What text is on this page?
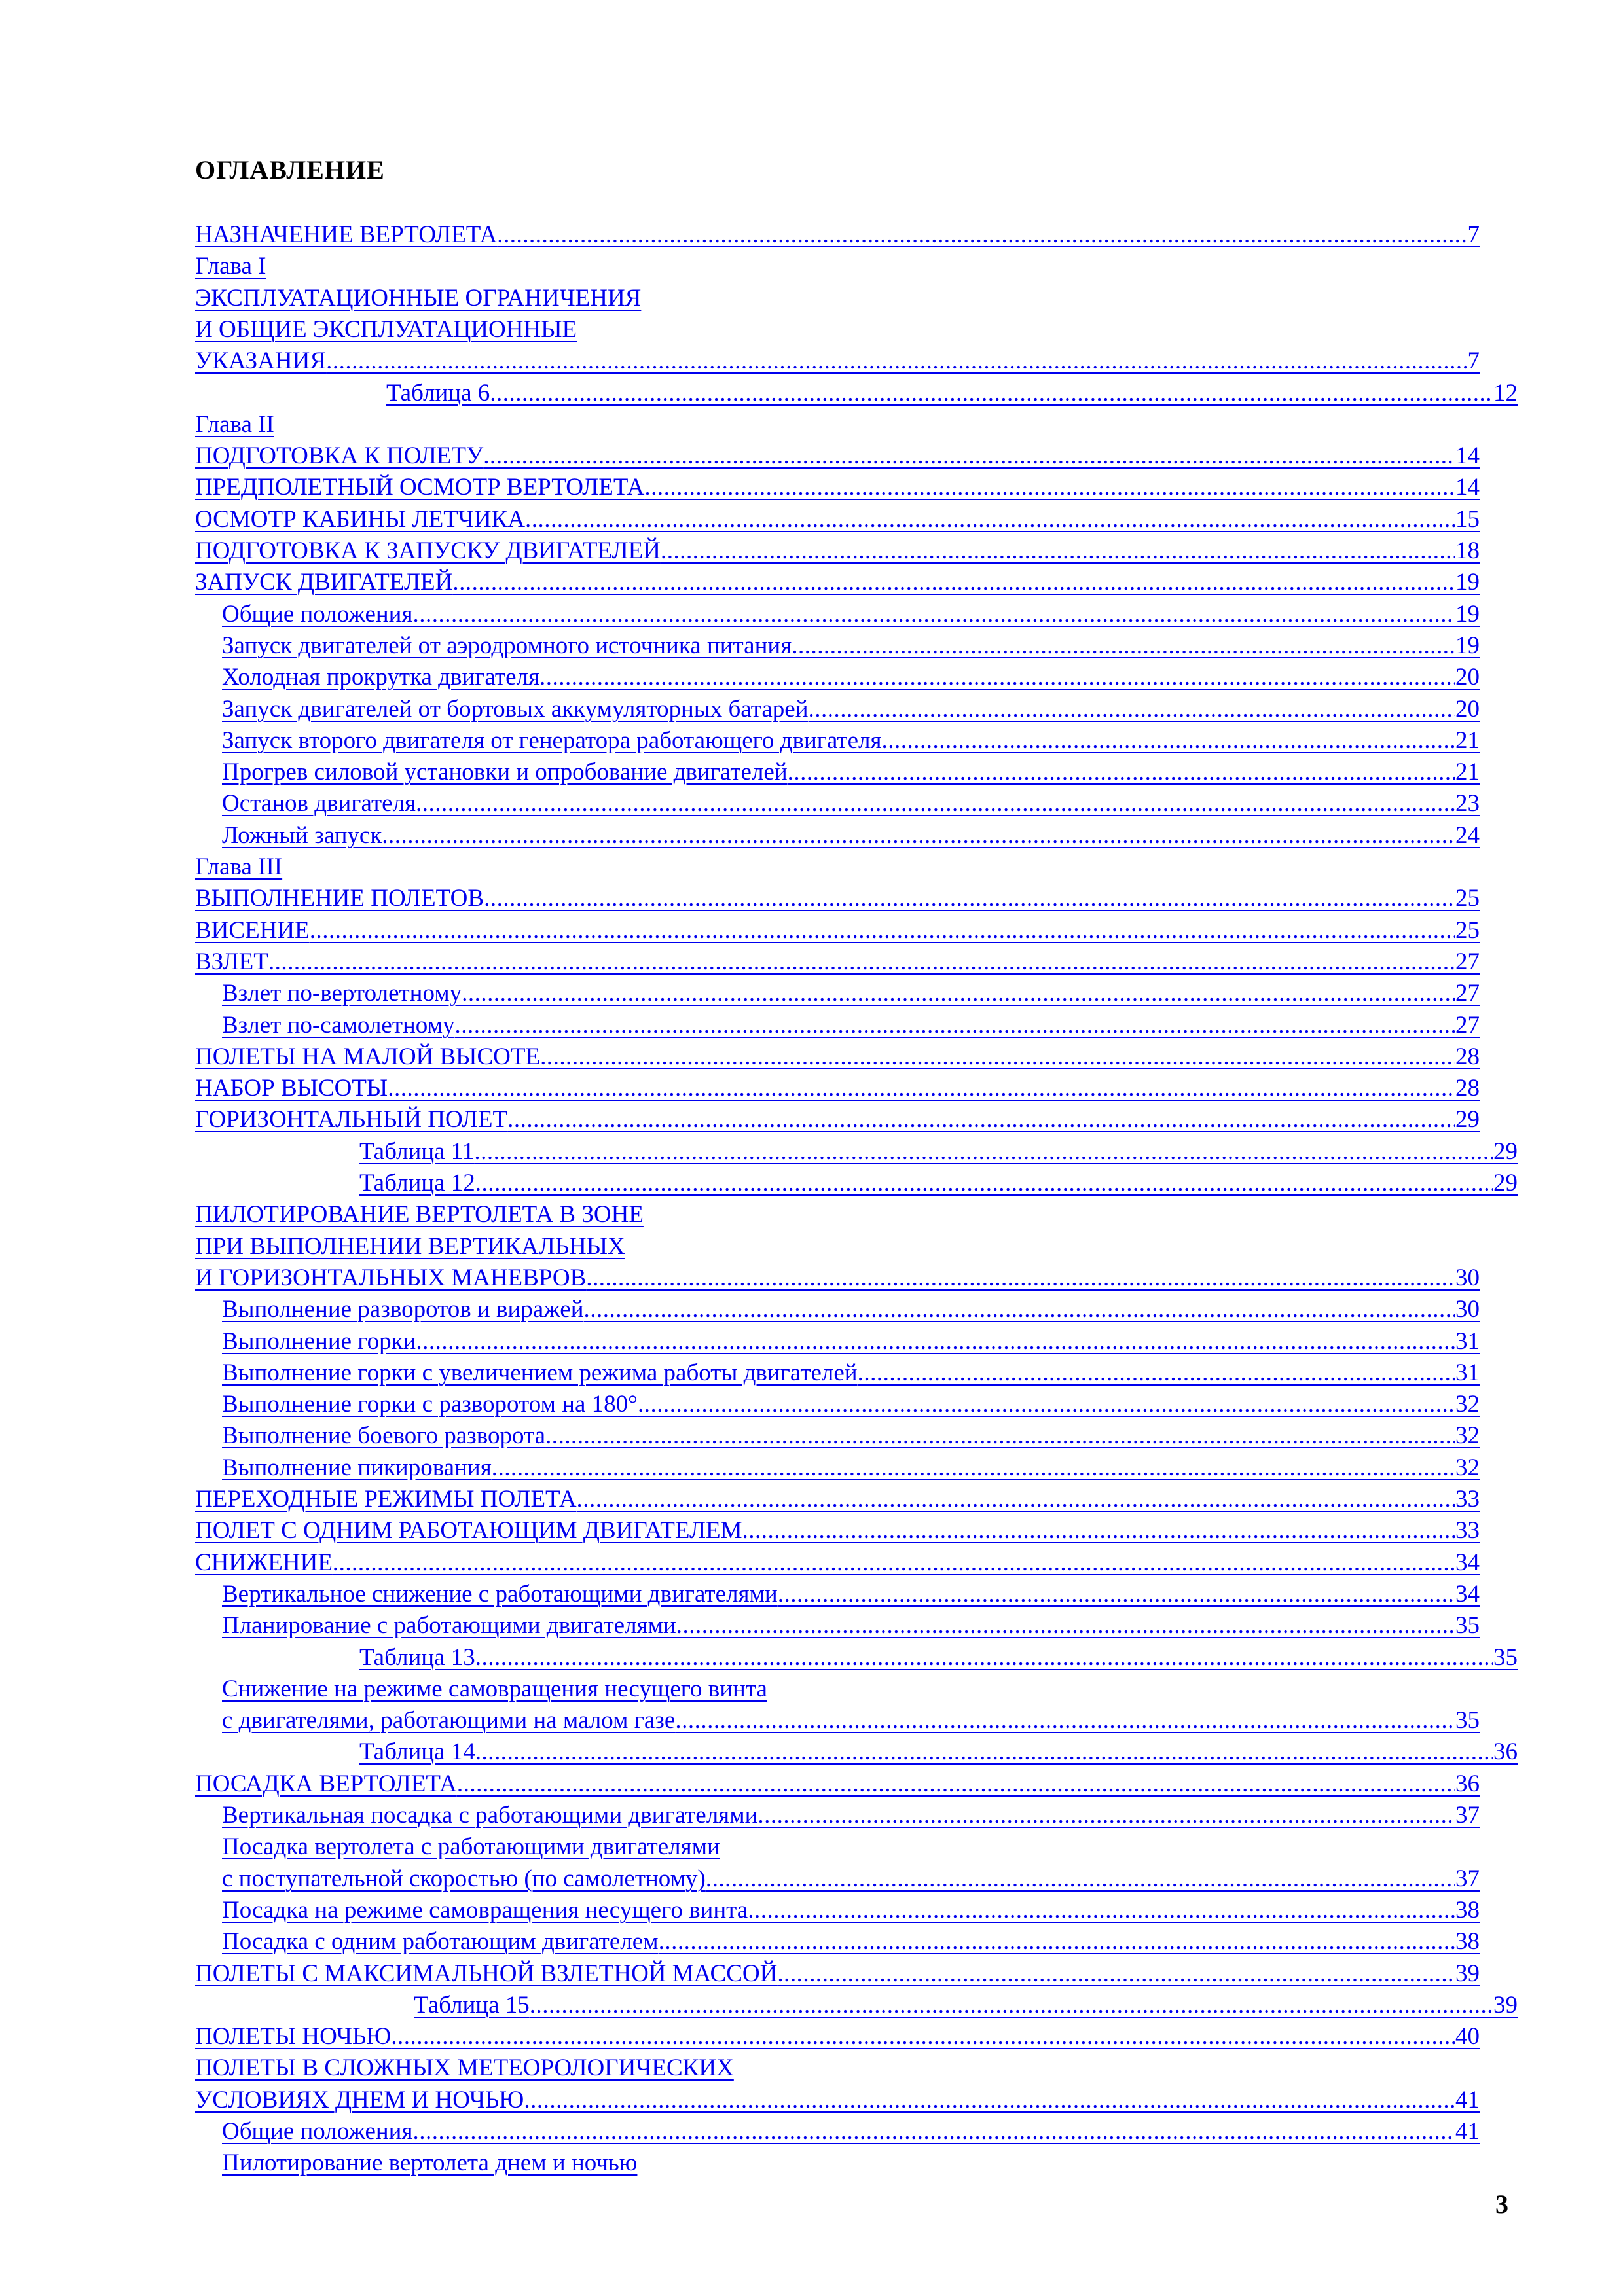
ОГЛАВЛЕНИЕ
НАЗНАЧЕНИЕ ВЕРТОЛЕТА .....	7
Глава I
ЭКСПЛУАТАЦИОННЫЕ ОГРАНИЧЕНИЯ
И ОБЩИЕ ЭКСПЛУАТАЦИОННЫЕ
УКАЗАНИЯ .....	7
Таблица 6 .....	12
Глава II
ПОДГОТОВКА К ПОЛЕТУ .....	14
ПРЕДПОЛЕТНЫЙ ОСМОТР ВЕРТОЛЕТА .....	14
ОСМОТР КАБИНЫ ЛЕТЧИКА .....	15
ПОДГОТОВКА К ЗАПУСКУ ДВИГАТЕЛЕЙ .....	18
ЗАПУСК ДВИГАТЕЛЕЙ .....	19
Общие положения .....	19
Запуск двигателей от аэродромного источника питания .....	19
Холодная прокрутка двигателя .....	20
Запуск двигателей от бортовых аккумуляторных батарей .....	20
Запуск второго двигателя от генератора работающего двигателя .....	21
Прогрев силовой установки и опробование двигателей .....	21
Останов двигателя .....	23
Ложный запуск .....	24
Глава III
ВЫПОЛНЕНИЕ ПОЛЕТОВ .....	25
ВИСЕНИЕ .....	25
ВЗЛЕТ .....	27
Взлет по-вертолетному .....	27
Взлет по-самолетному .....	27
ПОЛЕТЫ НА МАЛОЙ ВЫСОТЕ .....	28
НАБОР ВЫСОТЫ .....	28
ГОРИЗОНТАЛЬНЫЙ ПОЛЕТ .....	29
Таблица 11 .....	29
Таблица 12 .....	29
ПИЛОТИРОВАНИЕ ВЕРТОЛЕТА В ЗОНЕ
ПРИ ВЫПОЛНЕНИИ ВЕРТИКАЛЬНЫХ
И ГОРИЗОНТАЛЬНЫХ МАНЕВРОВ .....	30
Выполнение разворотов и виражей .....	30
Выполнение горки .....	31
Выполнение горки с увеличением режима работы двигателей .....	31
Выполнение горки с разворотом на 180° .....	32
Выполнение боевого разворота .....	32
Выполнение пикирования .....	32
ПЕРЕХОДНЫЕ РЕЖИМЫ ПОЛЕТА .....	33
ПОЛЕТ С ОДНИМ РАБОТАЮЩИМ ДВИГАТЕЛЕМ .....	33
СНИЖЕНИЕ .....	34
Вертикальное снижение с работающими двигателями .....	34
Планирование с работающими двигателями .....	35
Таблица 13 .....	35
Снижение на режиме самовращения несущего винта
с двигателями, работающими на малом газе .....	35
Таблица 14 .....	36
ПОСАДКА ВЕРТОЛЕТА .....	36
Вертикальная посадка с работающими двигателями .....	37
Посадка вертолета с работающими двигателями
с поступательной скоростью (по самолетному) .....	37
Посадка на режиме самовращения несущего винта .....	38
Посадка с одним работающим двигателем .....	38
ПОЛЕТЫ С МАКСИМАЛЬНОЙ ВЗЛЕТНОЙ МАССОЙ .....	39
Таблица 15 .....	39
ПОЛЕТЫ НОЧЬЮ .....	40
ПОЛЕТЫ В СЛОЖНЫХ МЕТЕОРОЛОГИЧЕСКИХ
УСЛОВИЯХ ДНЕМ И НОЧЬЮ .....	41
Общие положения .....	41
Пилотирование вертолета днем и ночью
3
